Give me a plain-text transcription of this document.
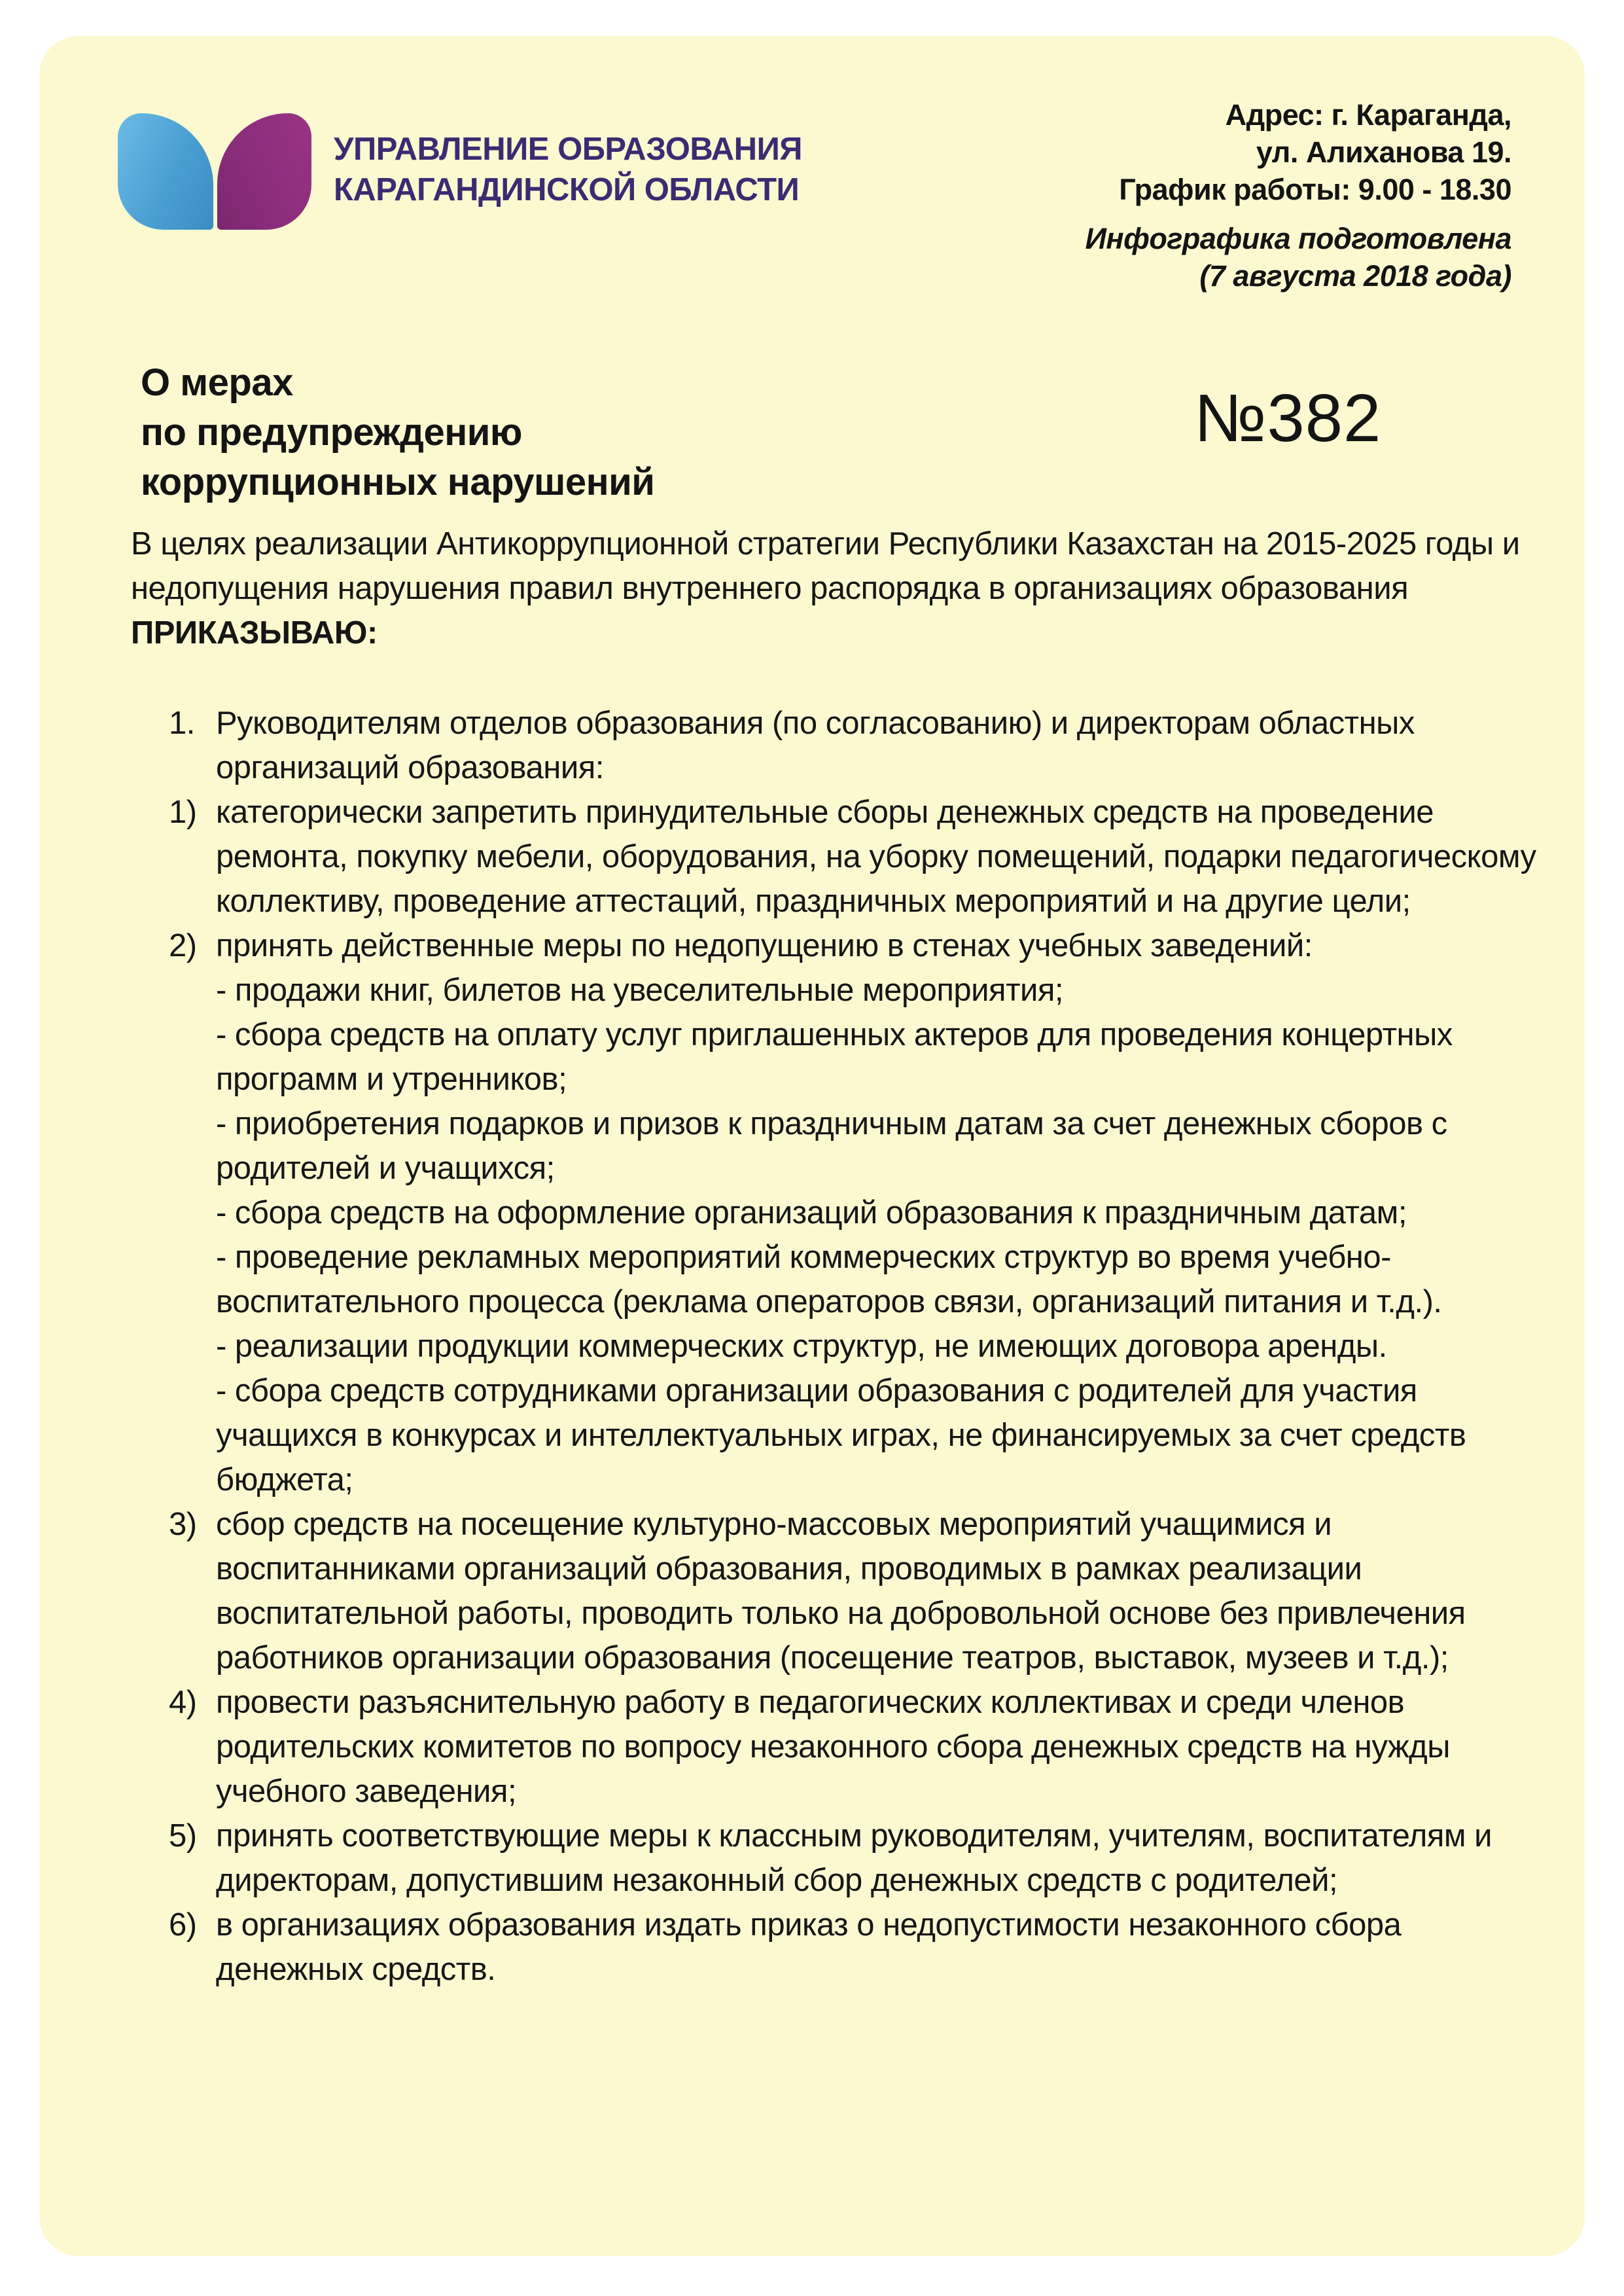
УПРАВЛЕНИЕ ОБРАЗОВАНИЯ
КАРАГАНДИНСКОЙ ОБЛАСТИ
Адрес: г. Караганда,
ул. Алиханова 19.
График работы: 9.00 - 18.30
Инфографика подготовлена
(7 августа 2018 года)
О мерах
по предупреждению
коррупционных нарушений
№382

В целях реализации Антикоррупционной стратегии Республики Казахстан на 2015-2025 годы и недопущения нарушения правил внутреннего распорядка в организациях образования ПРИКАЗЫВАЮ:

1. Руководителям отделов образования (по согласованию) и директорам областных организаций образования:
1) категорически запретить принудительные сборы денежных средств на проведение ремонта, покупку мебели, оборудования, на уборку помещений, подарки педагогическому коллективу, проведение аттестаций, праздничных мероприятий и на другие цели;
2) принять действенные меры по недопущению в стенах учебных заведений:
- продажи книг, билетов на увеселительные мероприятия;
- сбора средств на оплату услуг приглашенных актеров для проведения концертных программ и утренников;
- приобретения подарков и призов к праздничным датам за счет денежных сборов с родителей и учащихся;
- сбора средств на оформление организаций образования к праздничным датам;
- проведение рекламных мероприятий коммерческих структур во время учебно-воспитательного процесса (реклама операторов связи, организаций питания и т.д.).
- реализации продукции коммерческих структур, не имеющих договора аренды.
- сбора средств сотрудниками организации образования с родителей для участия учащихся в конкурсах и интеллектуальных играх, не финансируемых за счет средств бюджета;
3) сбор средств на посещение культурно-массовых мероприятий учащимися и воспитанниками организаций образования, проводимых в рамках реализации воспитательной работы, проводить только на добровольной основе без привлечения работников организации образования (посещение театров, выставок, музеев и т.д.);
4) провести разъяснительную работу в педагогических коллективах и среди членов родительских комитетов по вопросу незаконного сбора денежных средств на нужды учебного заведения;
5) принять соответствующие меры к классным руководителям, учителям, воспитателям и директорам, допустившим незаконный сбор денежных средств с родителей;
6) в организациях образования издать приказ о недопустимости незаконного сбора денежных средств.
